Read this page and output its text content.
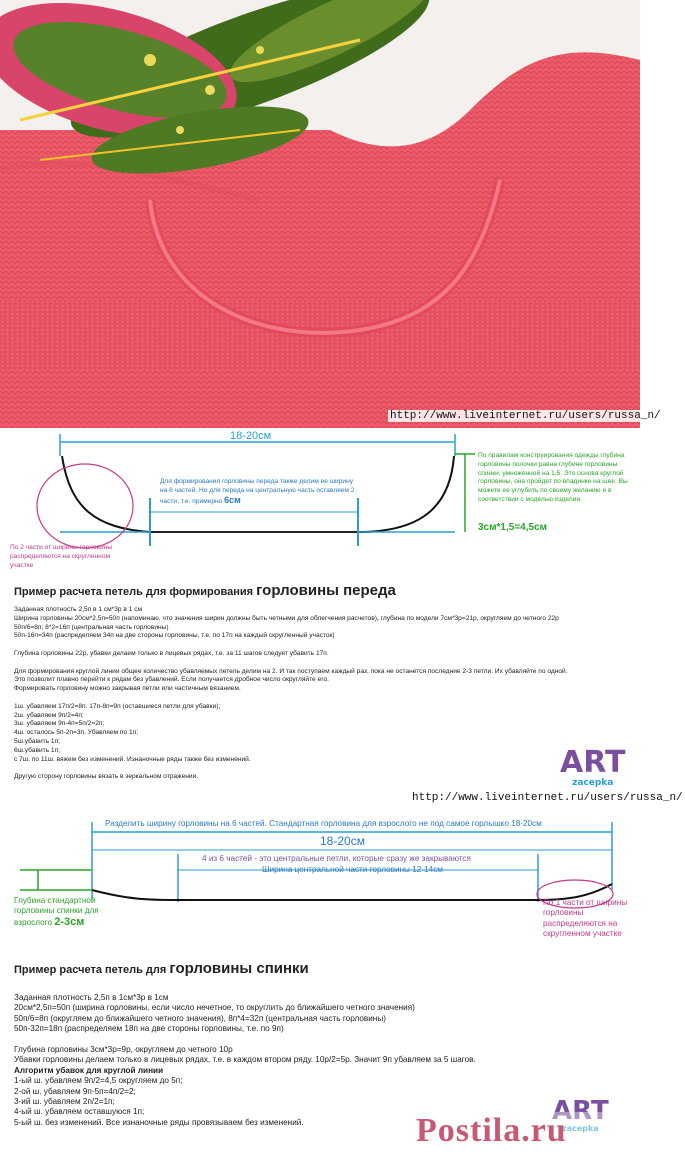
http://www.liveinternet.ru/users/russa_n/
18-20см
Для формирования горловины переда также делим ее ширину на 6 частей. Но для переда на центральную часть оставляем 2 части, т.е. примерно 6см
По правилам конструирования одежды глубина горловины полочки равна глубине горловины спинки, умноженной на 1,5. Это основа круглой горловины, она пройдет по впадинке на шее. Вы можете ее углубить по своему желанию и в соответствии с моделью изделия.
3см*1,5=4,5см
По 2 части от ширины горловины распределяются на скругленном участке
Пример расчета петель для формирования горловины переда
Заданная плотность 2,5п в 1 см*3р в 1 см
Ширина горловины 20см*2,5п=50п (напоминаю, что значения ширин должны быть четными для облегчения расчетов), глубина по модели 7см*3р=21р, округляем до четного 22р
50п/6=8п; 8*2=16п (центральная часть горловины)
50п-16п=34п (распределяем 34п на две стороны горловины, т.е. по 17п на каждый скругленный участок)

Глубина горловины 22р, убавки делаем только в лицевых рядах, т.е. за 11 шагов следует убавить 17п.

Для формирования круглой линии общее количество убавляемых петель делим на 2. И так поступаем каждый раз, пока не останется последние 2-3 петли. Их убавляйте по одной.
Это позволит плавно перейти к рядам без убавлений. Если получается дробное число округляйте его.
Формировать горловину можно закрывая петли или частичным вязанием.

1ш. убавляем 17п/2=8п. 17п-8п=9п (оставшиеся петли для убавки);
2ш. убавляем 9п/2=4п;
3ш. убавляем 9п-4п=5п/2=2п;
4ш. осталось 5п-2п=3п. Убавляем по 1п;
5ш.убавить 1п;
6ш.убавить 1п;
с 7ш. по 11ш. вяжем без изменений. Изнаночные ряды также без изменений.

Другую сторону горловины вязать в зеркальном отражении.	ART
zacepka
http://www.liveinternet.ru/users/russa_n/
Разделить ширину горловины на 6 частей. Стандартная горловина для взрослого не под самое горлышко 18-20см
18-20см
4 из 6 частей - это центральные петли, которые сразу же закрываются
Ширина центральной части горловины 12-14см
Глубина стандартной горловины спинки для взрослого 2-3см
По 1 части от ширины горловины распределяются на скругленном участке
Пример расчета петель для горловины спинки
Заданная плотность 2,5п в 1см*3р в 1см
20см*2,5п=50п (ширина горловины, если число нечетное, то округлить до ближайшего четного значения)
50п/6=8п (округляем до ближайшего четного значения), 8п*4=32п (центральная часть горловины)
50п-32п=18п (распределяем 18п на две стороны горловины, т.е. по 9п)

Глубина горловины 3см*3р=9р, округляем до четного 10р
Убавки горловины делаем только в лицевых рядах, т.е. в каждом втором ряду. 10р/2=5р. Значит 9п убавляем за 5 шагов.
Алгоритм убавок для круглой линии
1-ый ш. убавляем 9п/2=4,5 округляем до 5п;
2-ой ш. убавляем 9п-5п=4п/2=2;
3-ий ш. убавляем 2п/2=1п;
4-ый ш. убавляем оставшуюся 1п;
5-ый ш. без изменений. Все изнаночные ряды провязываем без изменений.	ART
zacepka
Postila.ru
